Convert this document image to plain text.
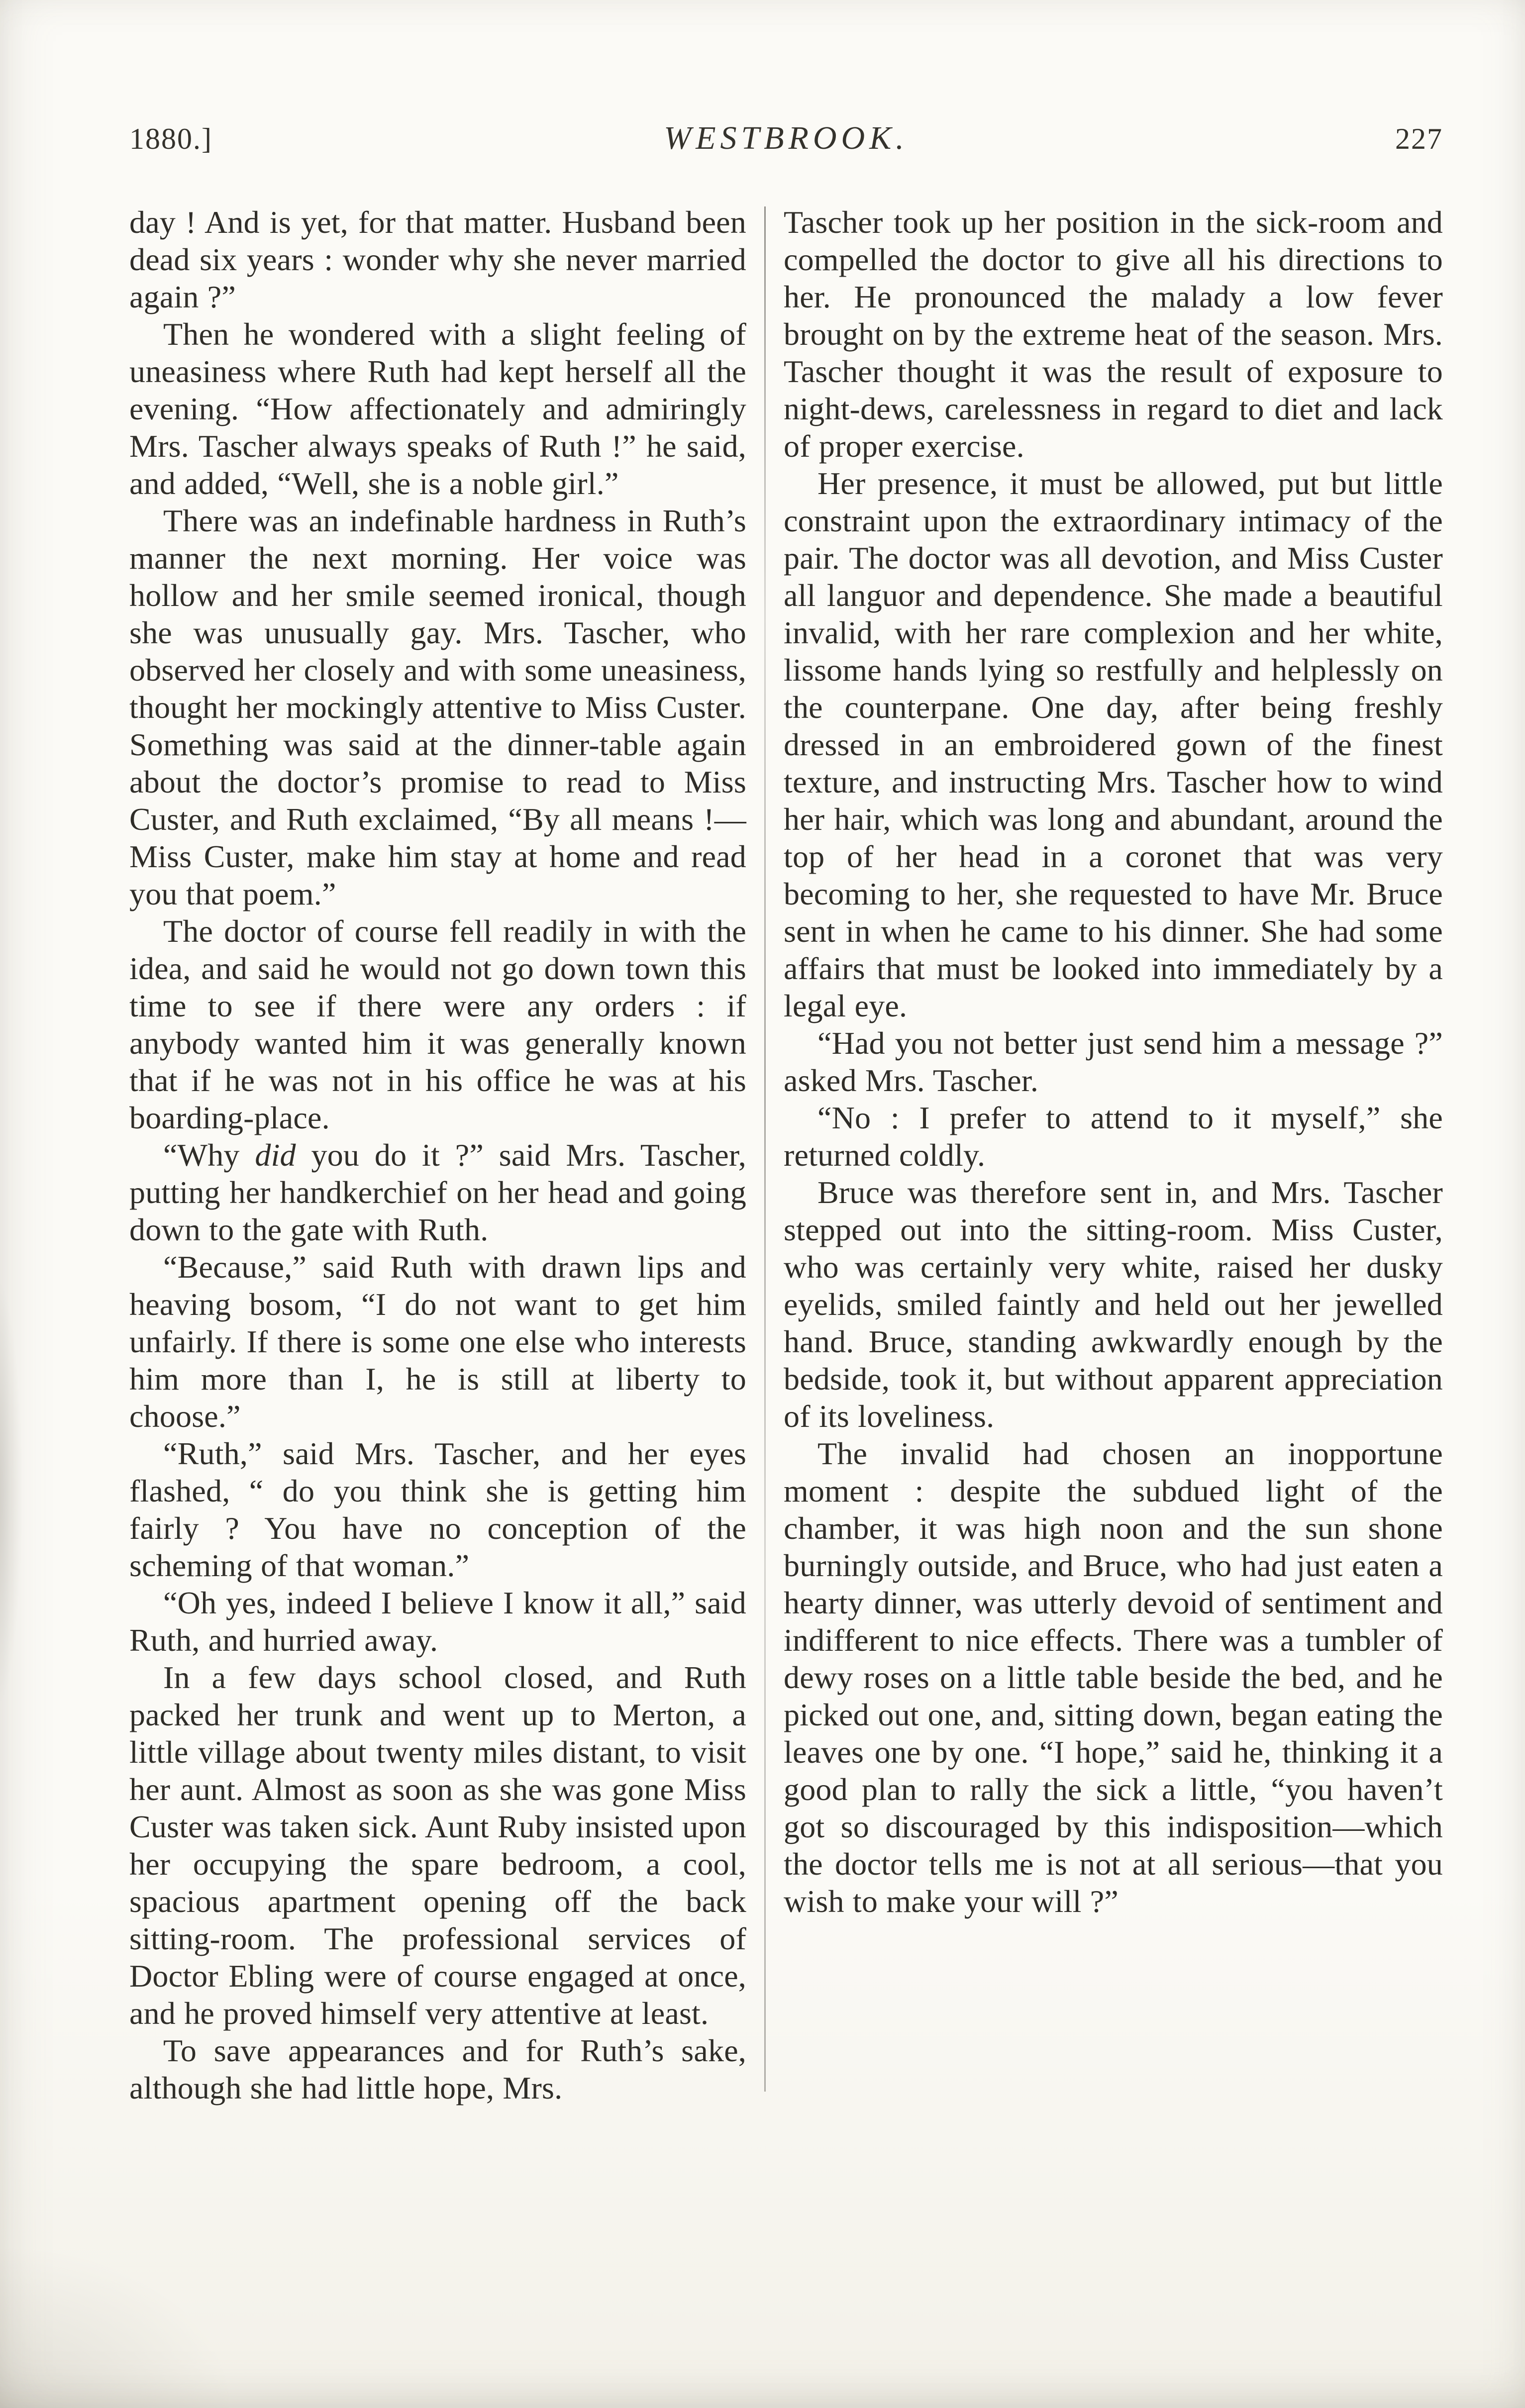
1880.]	WESTBROOK.	227

day ! And is yet, for that matter. Husband been dead six years : wonder why she never married again ?”

Then he wondered with a slight feeling of uneasiness where Ruth had kept herself all the evening. “How affectionately and admiringly Mrs. Tascher always speaks of Ruth !” he said, and added, “Well, she is a noble girl.”

There was an indefinable hardness in Ruth’s manner the next morning. Her voice was hollow and her smile seemed ironical, though she was unusually gay. Mrs. Tascher, who observed her closely and with some uneasiness, thought her mockingly attentive to Miss Custer. Something was said at the dinner-table again about the doctor’s promise to read to Miss Custer, and Ruth exclaimed, “By all means !—Miss Custer, make him stay at home and read you that poem.”

The doctor of course fell readily in with the idea, and said he would not go down town this time to see if there were any orders : if anybody wanted him it was generally known that if he was not in his office he was at his boarding-place.

“Why did you do it ?” said Mrs. Tascher, putting her handkerchief on her head and going down to the gate with Ruth.

“Because,” said Ruth with drawn lips and heaving bosom, “I do not want to get him unfairly. If there is some one else who interests him more than I, he is still at liberty to choose.”

“Ruth,” said Mrs. Tascher, and her eyes flashed, “ do you think she is getting him fairly ? You have no conception of the scheming of that woman.”

“Oh yes, indeed I believe I know it all,” said Ruth, and hurried away.

In a few days school closed, and Ruth packed her trunk and went up to Merton, a little village about twenty miles distant, to visit her aunt. Almost as soon as she was gone Miss Custer was taken sick. Aunt Ruby insisted upon her occupying the spare bedroom, a cool, spacious apartment opening off the back sitting-room. The professional services of Doctor Ebling were of course engaged at once, and he proved himself very attentive at least.

To save appearances and for Ruth’s sake, although she had little hope, Mrs.

Tascher took up her position in the sick-room and compelled the doctor to give all his directions to her. He pronounced the malady a low fever brought on by the extreme heat of the season. Mrs. Tascher thought it was the result of exposure to night-dews, carelessness in regard to diet and lack of proper exercise.

Her presence, it must be allowed, put but little constraint upon the extraordinary intimacy of the pair. The doctor was all devotion, and Miss Custer all languor and dependence. She made a beautiful invalid, with her rare complexion and her white, lissome hands lying so restfully and helplessly on the counterpane. One day, after being freshly dressed in an embroidered gown of the finest texture, and instructing Mrs. Tascher how to wind her hair, which was long and abundant, around the top of her head in a coronet that was very becoming to her, she requested to have Mr. Bruce sent in when he came to his dinner. She had some affairs that must be looked into immediately by a legal eye.

“Had you not better just send him a message ?” asked Mrs. Tascher.

“No : I prefer to attend to it myself,” she returned coldly.

Bruce was therefore sent in, and Mrs. Tascher stepped out into the sitting-room. Miss Custer, who was certainly very white, raised her dusky eyelids, smiled faintly and held out her jewelled hand. Bruce, standing awkwardly enough by the bedside, took it, but without apparent appreciation of its loveliness.

The invalid had chosen an inopportune moment : despite the subdued light of the chamber, it was high noon and the sun shone burningly outside, and Bruce, who had just eaten a hearty dinner, was utterly devoid of sentiment and indifferent to nice effects. There was a tumbler of dewy roses on a little table beside the bed, and he picked out one, and, sitting down, began eating the leaves one by one. “I hope,” said he, thinking it a good plan to rally the sick a little, “you haven’t got so discouraged by this indisposition—which the doctor tells me is not at all serious—that you wish to make your will ?”
